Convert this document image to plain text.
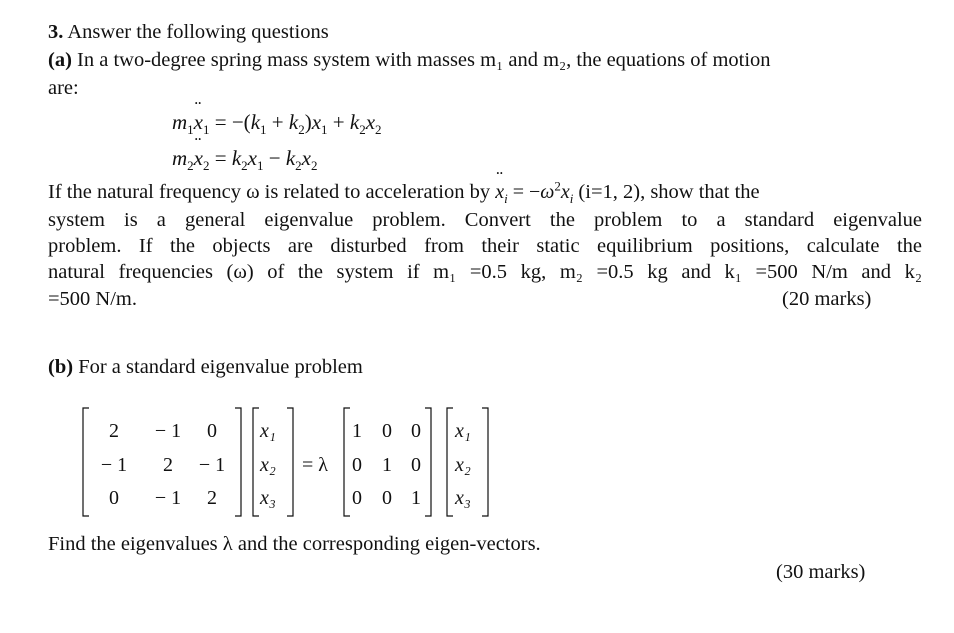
3. Answer the following questions
(a) In a two-degree spring mass system with masses m₁ and m₂, the equations of motion
are:
$m_1¨$ $x_1 = -(k_1 + k_2)x_1 + k_2x_2$
$m_2¨$ $x_2 = k_2x_1 - k_2x_2$
If the natural frequency ω is related to acceleration by ¨ $x_i = -\omega^2x_i$ (i=1, 2), show that the
system is a general eigenvalue problem. Convert the problem to a standard eigenvalue
problem. If the objects are disturbed from their static equilibrium positions, calculate the
natural frequencies (ω) of the system if m₁ =0.5 kg, m₂ =0.5 kg and k₁ =500 N/m and k₂
=500 N/m.	(20 marks)
(b) For a standard eigenvalue problem
2 − 1 0
− 1 2 − 1
0 − 1 2
x₁
x₂
x₃
= λ
1 0 0
0 1 0
0 0 1
x₁
x₂
x₃
Find the eigenvalues λ and the corresponding eigen-vectors.
(30 marks)
